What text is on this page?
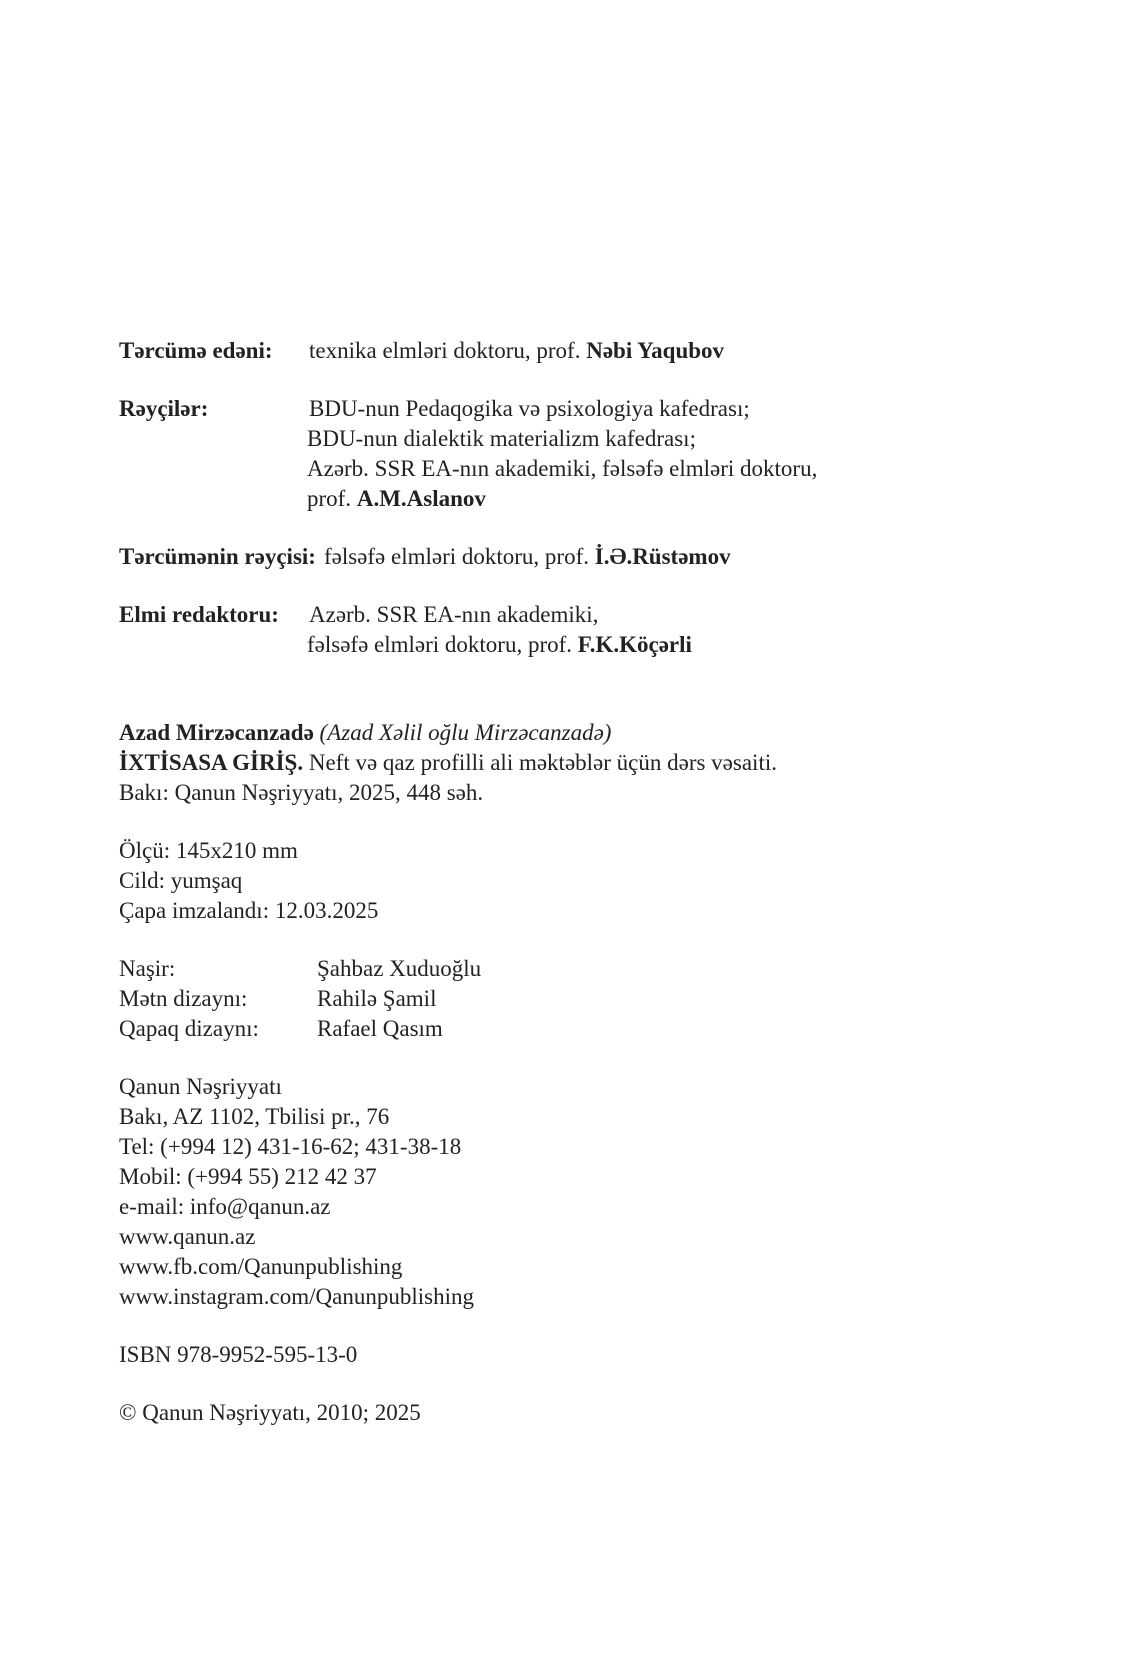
Tərcümə edəni:	texnika elmləri doktoru, prof. Nəbi Yaqubov
Rəyçilər:	BDU-nun Pedaqogika və psixologiya kafedrası;
BDU-nun dialektik materializm kafedrası;
Azərb. SSR EA-nın akademiki, fəlsəfə elmləri doktoru,
prof. A.M.Aslanov
Tərcümənin rəyçisi: fəlsəfə elmləri doktoru, prof. İ.Ə.Rüstəmov
Elmi redaktoru:	Azərb. SSR EA-nın akademiki,
fəlsəfə elmləri doktoru, prof. F.K.Köçərli
Azad Mirzəcanzadə (Azad Xəlil oğlu Mirzəcanzadə)
İXTİSASA GİRİŞ. Neft və qaz profilli ali məktəblər üçün dərs vəsaiti.
Bakı: Qanun Nəşriyyatı, 2025, 448 səh.
Ölçü: 145x210 mm
Cild: yumşaq
Çapa imzalandı: 12.03.2025
Naşir:	Şahbaz Xuduoğlu
Mətn dizaynı:	Rahilə Şamil
Qapaq dizaynı:	Rafael Qasım
Qanun Nəşriyyatı
Bakı, AZ 1102, Tbilisi pr., 76
Tel: (+994 12) 431-16-62; 431-38-18
Mobil: (+994 55) 212 42 37
e-mail: info@qanun.az
www.qanun.az
www.fb.com/Qanunpublishing
www.instagram.com/Qanunpublishing
ISBN 978-9952-595-13-0
© Qanun Nəşriyyatı, 2010; 2025
